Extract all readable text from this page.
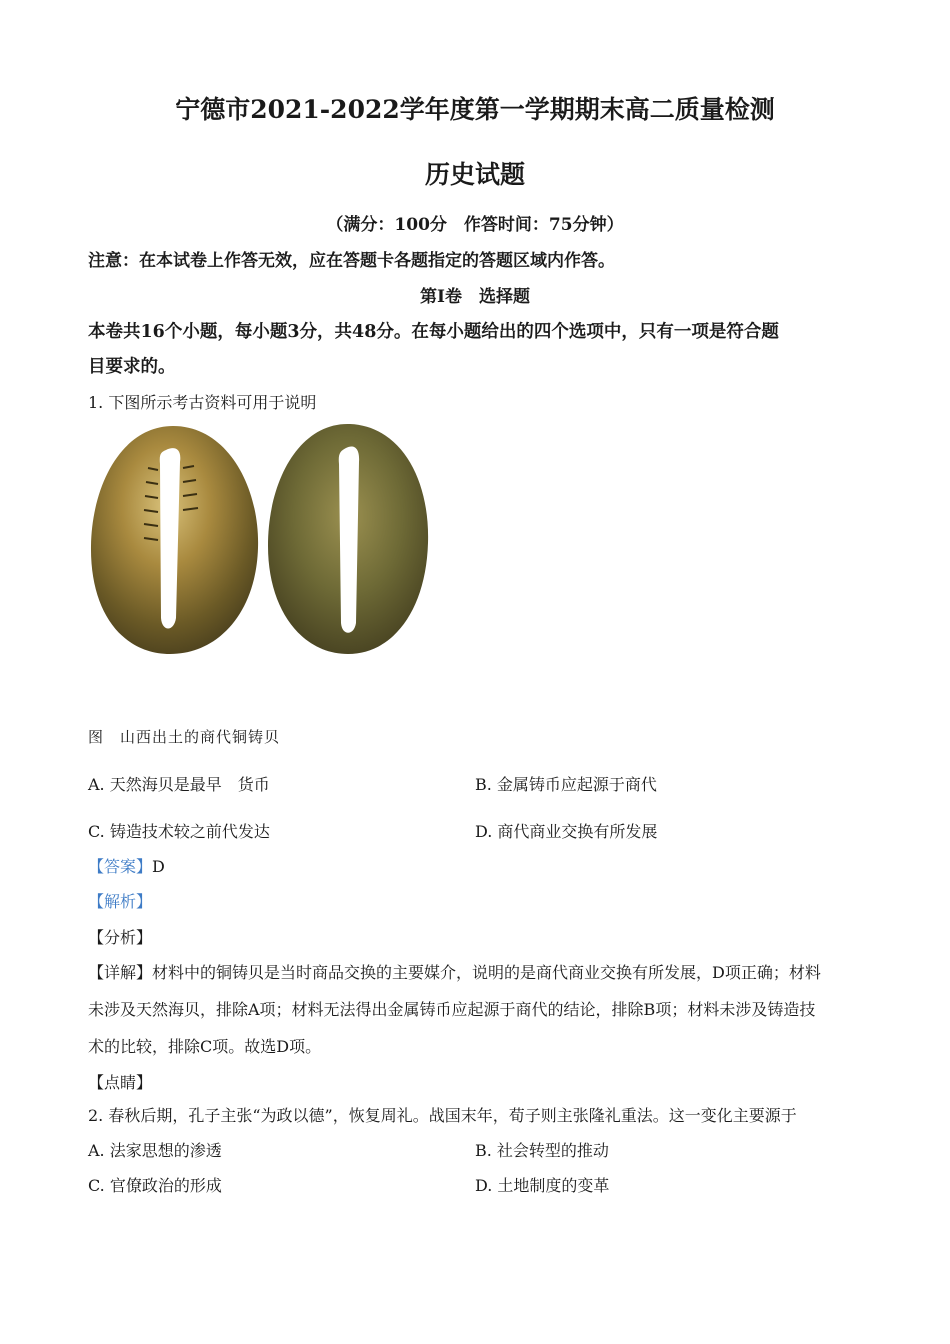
宁德市2021-2022学年度第一学期期末高二质量检测
历史试题
（满分：100分　作答时间：75分钟）
注意：在本试卷上作答无效，应在答题卡各题指定的答题区域内作答。
第Ⅰ卷　选择题
本卷共16个小题，每小题3分，共48分。在每小题给出的四个选项中，只有一项是符合题
目要求的。
1. 下图所示考古资料可用于说明
图　山西出土的商代铜铸贝
A. 天然海贝是最早　货币	B. 金属铸币应起源于商代
C. 铸造技术较之前代发达	D. 商代商业交换有所发展
【答案】D
【解析】
【分析】
【详解】材料中的铜铸贝是当时商品交换的主要媒介，说明的是商代商业交换有所发展，D项正确；材料
未涉及天然海贝，排除A项；材料无法得出金属铸币应起源于商代的结论，排除B项；材料未涉及铸造技
术的比较，排除C项。故选D项。
【点睛】
2. 春秋后期，孔子主张“为政以德”，恢复周礼。战国末年，荀子则主张隆礼重法。这一变化主要源于
A. 法家思想的渗透	B. 社会转型的推动
C. 官僚政治的形成	D. 土地制度的变革
